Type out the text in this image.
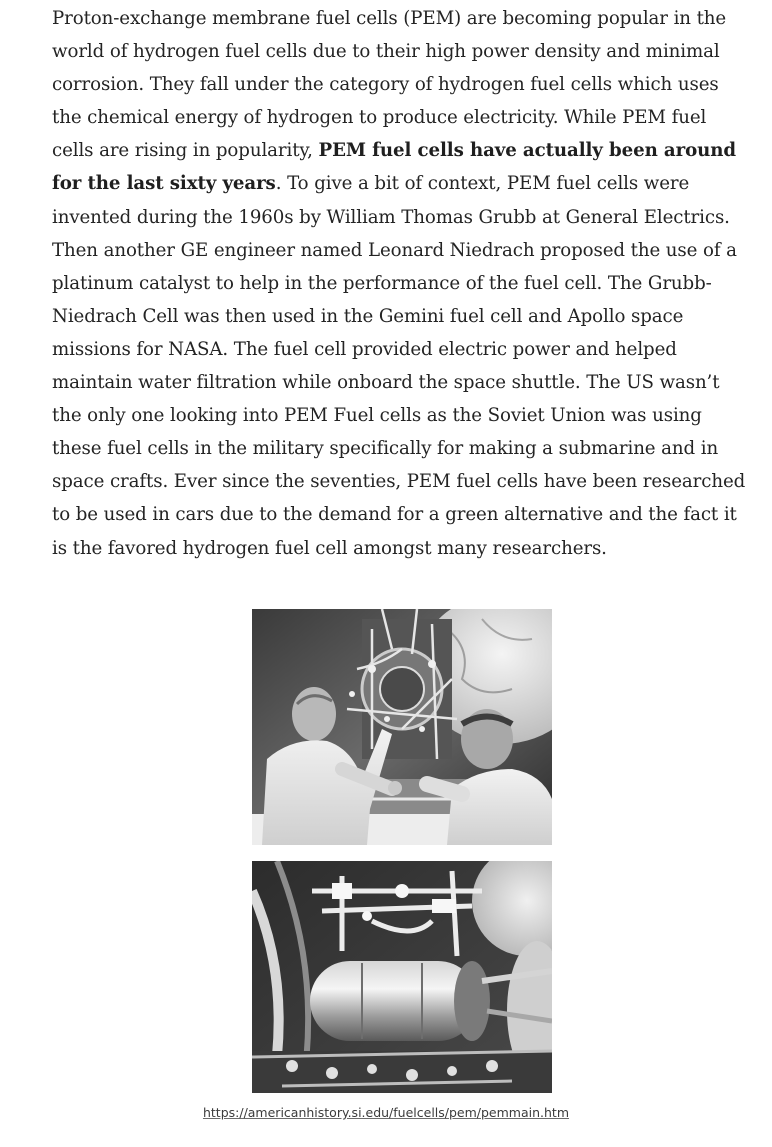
Proton-exchange membrane fuel cells (PEM) are becoming popular in the world of hydrogen fuel cells due to their high power density and minimal corrosion. They fall under the category of hydrogen fuel cells which uses the chemical energy of hydrogen to produce electricity. While PEM fuel cells are rising in popularity, PEM fuel cells have actually been around for the last sixty years. To give a bit of context, PEM fuel cells were invented during the 1960s by William Thomas Grubb at General Electrics. Then another GE engineer named Leonard Niedrach proposed the use of a platinum catalyst to help in the performance of the fuel cell. The Grubb-Niedrach Cell was then used in the Gemini fuel cell and Apollo space missions for NASA. The fuel cell provided electric power and helped maintain water filtration while onboard the space shuttle. The US wasn’t the only one looking into PEM Fuel cells as the Soviet Union was using these fuel cells in the military specifically for making a submarine and in space crafts. Ever since the seventies, PEM fuel cells have been researched to be used in cars due to the demand for a green alternative and the fact it is the favored hydrogen fuel cell amongst many researchers.

https://americanhistory.si.edu/fuelcells/pem/pemmain.htm
